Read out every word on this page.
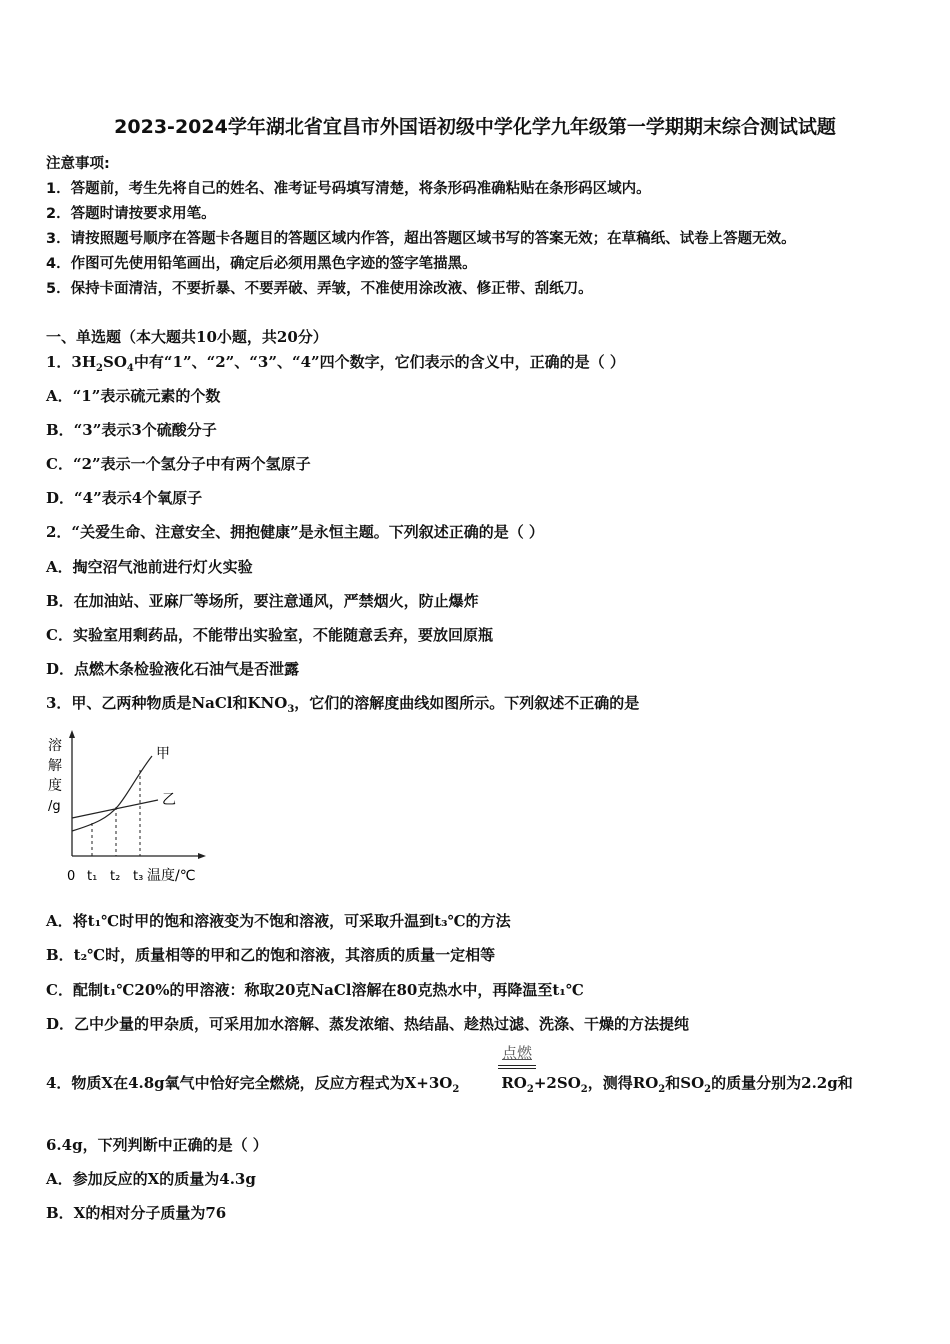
2023-2024学年湖北省宜昌市外国语初级中学化学九年级第一学期期末综合测试试题
注意事项:
1．答题前，考生先将自己的姓名、准考证号码填写清楚，将条形码准确粘贴在条形码区域内。
2．答题时请按要求用笔。
3．请按照题号顺序在答题卡各题目的答题区域内作答，超出答题区域书写的答案无效；在草稿纸、试卷上答题无效。
4．作图可先使用铅笔画出，确定后必须用黑色字迹的签字笔描黑。
5．保持卡面清洁，不要折暴、不要弄破、弄皱，不准使用涂改液、修正带、刮纸刀。
一、单选题（本大题共10小题，共20分）
1．$3H_2SO_4$中有“1”、“2”、“3”、“4”四个数字，它们表示的含义中，正确的是（ ）
A．“1”表示硫元素的个数
B．“3”表示3个硫酸分子
C．“2”表示一个氢分子中有两个氢原子
D．“4”表示4个氧原子
2．“关爱生命、注意安全、拥抱健康”是永恒主题。下列叙述正确的是（ ）
A．掏空沼气池前进行灯火实验
B．在加油站、亚麻厂等场所，要注意通风，严禁烟火，防止爆炸
C．实验室用剩药品，不能带出实验室，不能随意丢弃，要放回原瓶
D．点燃木条检验液化石油气是否泄露
3．甲、乙两种物质是NaCl和$KNO_3$，它们的溶解度曲线如图所示。下列叙述不正确的是
溶
解
度
/g
甲
乙
0 t₁ t₂ t₃ 温度/℃
A．将t₁℃时甲的饱和溶液变为不饱和溶液，可采取升温到t₃℃的方法
B．t₂℃时，质量相等的甲和乙的饱和溶液，其溶质的质量一定相等
C．配制t₁℃20%的甲溶液：称取20克NaCl溶解在80克热水中，再降温至t₁℃
D．乙中少量的甲杂质，可采用加水溶解、蒸发浓缩、热结晶、趁热过滤、洗涤、干燥的方法提纯
点燃
4．物质X在4.8g氧气中恰好完全燃烧，反应方程式为$X+3O_2$	$RO_2+2SO_2$，测得$RO_2$和$SO_2$的质量分别为2.2g和
6.4g，下列判断中正确的是（ ）
A．参加反应的X的质量为4.3g
B．X的相对分子质量为76
